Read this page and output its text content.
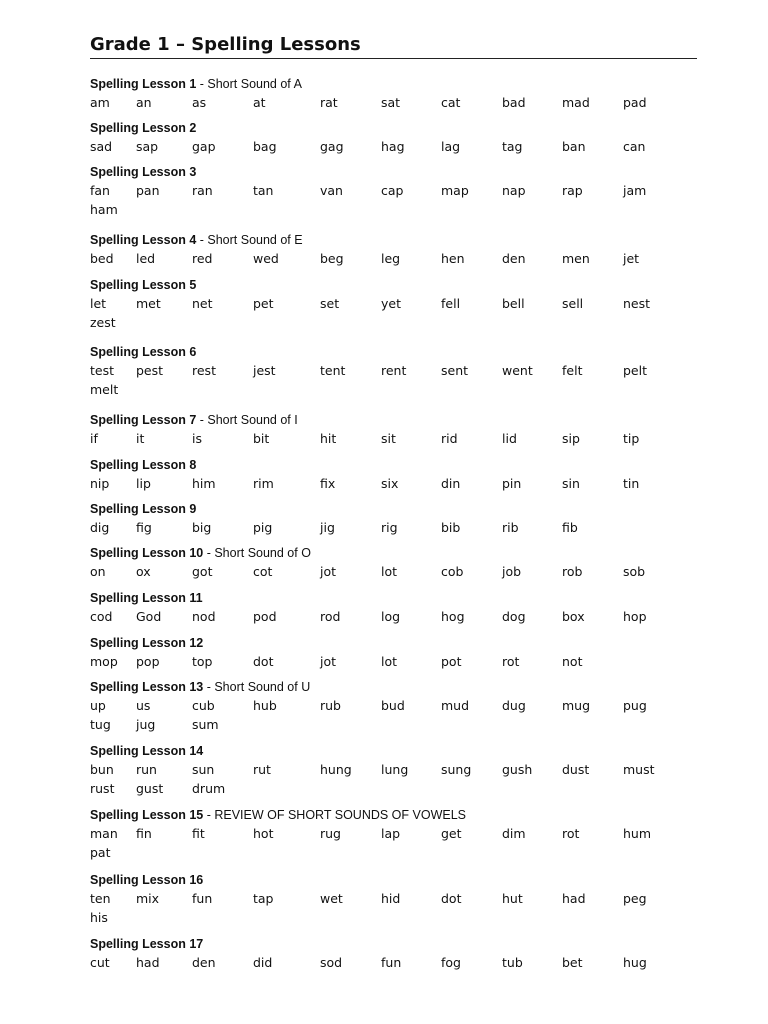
Grade 1 – Spelling Lessons
Spelling Lesson 1 - Short Sound of A
am an	as	at	rat	sat	cat	bad	mad	pad
Spelling Lesson 2
sad sap	gap	bag	gag	hag	lag	tag	ban	can
Spelling Lesson 3
fan pan	ran	tan	van	cap	map	nap	rap	jam
ham
Spelling Lesson 4 - Short Sound of E
bed led	red	wed	beg	leg	hen	den	men	jet
Spelling Lesson 5
let met net	pet	set	yet	fell	bell	sell	nest
zest
Spelling Lesson 6
test pest rest	jest	tent	rent	sent	went felt	pelt
melt
Spelling Lesson 7 - Short Sound of I
if	it	is	bit	hit	sit	rid	lid	sip	tip
Spelling Lesson 8
nip lip	him	rim	fix	six	din	pin	sin	tin
Spelling Lesson 9
dig fig	big	pig	jig	rig	bib	rib	fib
Spelling Lesson 10 - Short Sound of O
on ox	got	cot	jot	lot	cob	job	rob	sob
Spelling Lesson 11
cod God nod	pod	rod	log	hog	dog	box	hop
Spelling Lesson 12
mop pop	top	dot	jot	lot	pot	rot	not
Spelling Lesson 13 - Short Sound of U
up us	cub	hub	rub	bud	mud	dug	mug	pug
tug jug	sum
Spelling Lesson 14
bun run	sun	rut	hung lung	sung gush dust	must
rust gust drum
Spelling Lesson 15 - REVIEW OF SHORT SOUNDS OF VOWELS
man fin	fit	hot	rug	lap	get	dim	rot	hum
pat
Spelling Lesson 16
ten mix	fun	tap	wet	hid	dot	hut	had	peg
his
Spelling Lesson 17
cut had	den	did	sod	fun	fog	tub	bet	hug
